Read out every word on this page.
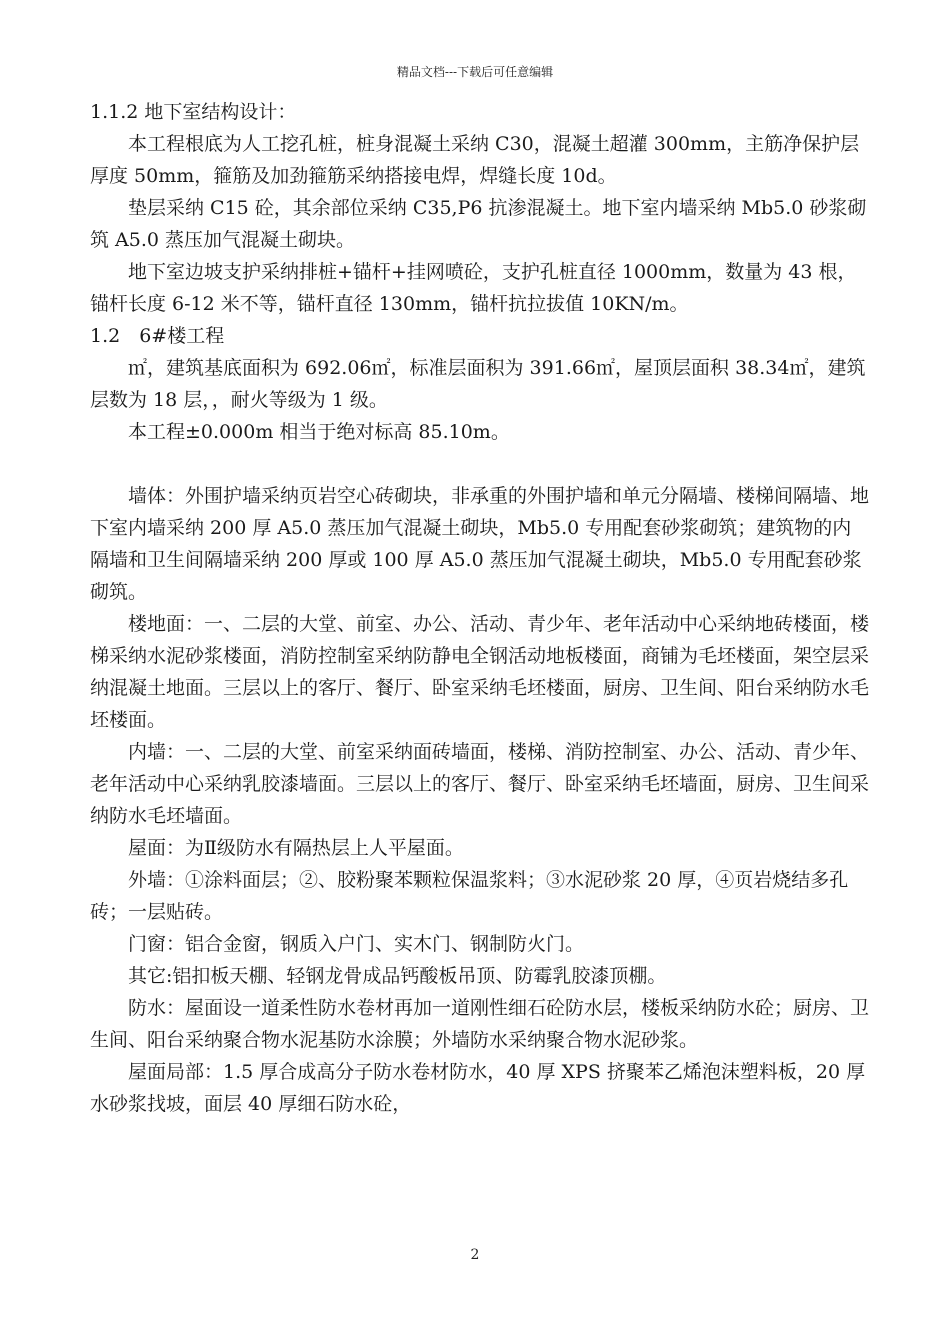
精品文档---下载后可任意编辑

1.1.2 地下室结构设计：

本工程根底为人工挖孔桩，桩身混凝土采纳 C30，混凝土超灌 300mm，主筋净保护层厚度 50mm，箍筋及加劲箍筋采纳搭接电焊，焊缝长度 10d。

垫层采纳 C15 砼，其余部位采纳 C35,P6 抗渗混凝土。地下室内墙采纳 Mb5.0 砂浆砌筑 A5.0 蒸压加气混凝土砌块。

地下室边坡支护采纳排桩+锚杆+挂网喷砼，支护孔桩直径 1000mm，数量为 43 根，锚杆长度 6-12 米不等，锚杆直径 130mm，锚杆抗拉拔值 10KN/m。

1.2　6#楼工程

㎡，建筑基底面积为 692.06㎡，标准层面积为 391.66㎡，屋顶层面积 38.34㎡，建筑层数为 18 层，，耐火等级为 1 级。

本工程±0.000m 相当于绝对标高 85.10m。

墙体：外围护墙采纳页岩空心砖砌块，非承重的外围护墙和单元分隔墙、楼梯间隔墙、地下室内墙采纳 200 厚 A5.0 蒸压加气混凝土砌块，Mb5.0 专用配套砂浆砌筑；建筑物的内隔墙和卫生间隔墙采纳 200 厚或 100 厚 A5.0 蒸压加气混凝土砌块，Mb5.0 专用配套砂浆砌筑。

楼地面：一、二层的大堂、前室、办公、活动、青少年、老年活动中心采纳地砖楼面，楼梯采纳水泥砂浆楼面，消防控制室采纳防静电全钢活动地板楼面，商铺为毛坯楼面，架空层采纳混凝土地面。三层以上的客厅、餐厅、卧室采纳毛坯楼面，厨房、卫生间、阳台采纳防水毛坯楼面。

内墙：一、二层的大堂、前室采纳面砖墙面，楼梯、消防控制室、办公、活动、青少年、老年活动中心采纳乳胶漆墙面。三层以上的客厅、餐厅、卧室采纳毛坯墙面，厨房、卫生间采纳防水毛坯墙面。

屋面：为Ⅱ级防水有隔热层上人平屋面。

外墙：①涂料面层；②、胶粉聚苯颗粒保温浆料；③水泥砂浆 20 厚，④页岩烧结多孔砖；一层贴砖。

门窗：铝合金窗，钢质入户门、实木门、钢制防火门。

其它:铝扣板天棚、轻钢龙骨成品钙酸板吊顶、防霉乳胶漆顶棚。

防水：屋面设一道柔性防水卷材再加一道刚性细石砼防水层，楼板采纳防水砼；厨房、卫生间、阳台采纳聚合物水泥基防水涂膜；外墙防水采纳聚合物水泥砂浆。

屋面局部：1.5 厚合成高分子防水卷材防水，40 厚 XPS 挤聚苯乙烯泡沫塑料板，20 厚水砂浆找坡，面层 40 厚细石防水砼，

2
